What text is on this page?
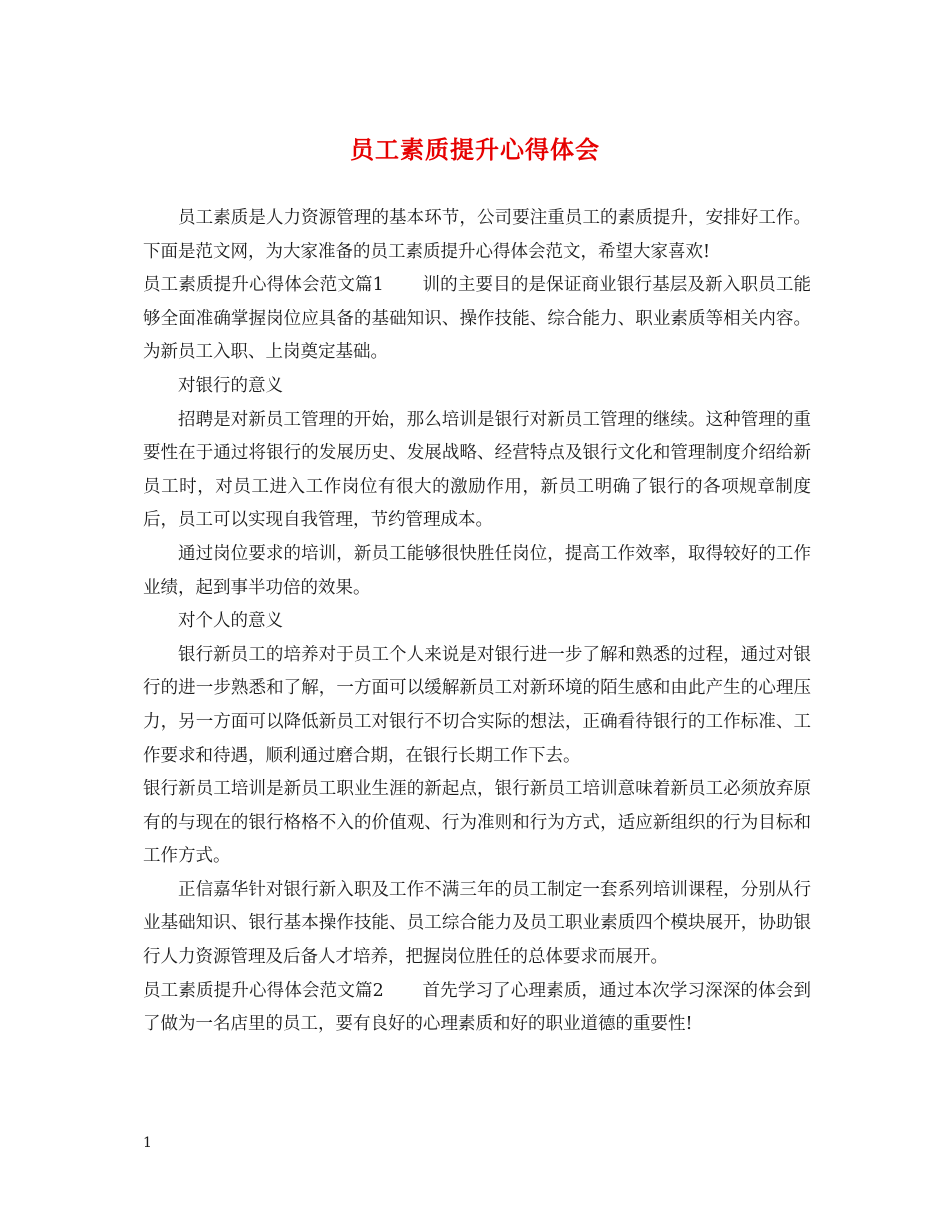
员工素质提升心得体会

员工素质是人力资源管理的基本环节，公司要注重员工的素质提升，安排好工作。下面是范文网，为大家准备的员工素质提升心得体会范文，希望大家喜欢!

员工素质提升心得体会范文篇1 训的主要目的是保证商业银行基层及新入职员工能够全面准确掌握岗位应具备的基础知识、操作技能、综合能力、职业素质等相关内容。为新员工入职、上岗奠定基础。

对银行的意义

招聘是对新员工管理的开始，那么培训是银行对新员工管理的继续。这种管理的重要性在于通过将银行的发展历史、发展战略、经营特点及银行文化和管理制度介绍给新员工时，对员工进入工作岗位有很大的激励作用，新员工明确了银行的各项规章制度后，员工可以实现自我管理，节约管理成本。

通过岗位要求的培训，新员工能够很快胜任岗位，提高工作效率，取得较好的工作业绩，起到事半功倍的效果。

对个人的意义

银行新员工的培养对于员工个人来说是对银行进一步了解和熟悉的过程，通过对银行的进一步熟悉和了解，一方面可以缓解新员工对新环境的陌生感和由此产生的心理压力，另一方面可以降低新员工对银行不切合实际的想法，正确看待银行的工作标准、工作要求和待遇，顺利通过磨合期，在银行长期工作下去。

银行新员工培训是新员工职业生涯的新起点，银行新员工培训意味着新员工必须放弃原有的与现在的银行格格不入的价值观、行为准则和行为方式，适应新组织的行为目标和工作方式。

正信嘉华针对银行新入职及工作不满三年的员工制定一套系列培训课程，分别从行业基础知识、银行基本操作技能、员工综合能力及员工职业素质四个模块展开，协助银行人力资源管理及后备人才培养，把握岗位胜任的总体要求而展开。

员工素质提升心得体会范文篇2 首先学习了心理素质，通过本次学习深深的体会到了做为一名店里的员工，要有良好的心理素质和好的职业道德的重要性!

1
